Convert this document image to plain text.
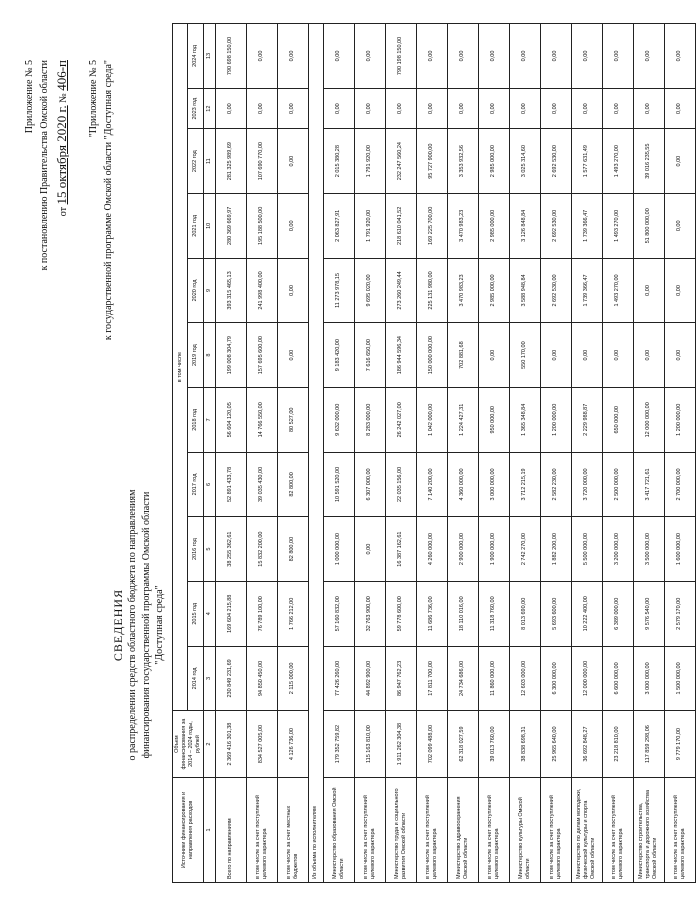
Приложение № 5 к постановлению Правительства Омской области от 15 октября 2020 г. № 406-п "Приложение № 5 к государственной программе Омской области "Доступная среда"
СВЕДЕНИЯ о распределении средств областного бюджета по направлениям финансирования государственной программы Омской области "Доступная среда"
Источники финансирования и направления расходов	Объем финансирования за 2014 – 2024 годы, рублей	в том числе										
		2014 год	2015 год	2016 год	2017 год	2018 год	2019 год	2020 год	2021 год	2022 год	2023 год	2024 год
1	2	3	4	5	6	7	8	9	10	11	12	13
Всего по направлениям	2 369 416 301,38	230 849 231,69	169 604 215,88	38 255 362,61	52 891 433,78	56 604 120,05	199 008 304,79	393 315 465,13	280 369 669,97	281 325 989,69	0,00	790 698 150,00
в том числе за счет поступлений целевого характера	834 527 005,00	94 850 450,00	76 789 100,00	15 832 200,00	39 035 430,00	14 766 550,00	157 695 600,00	241 998 400,00	195 188 500,00	107 690 770,00	0,00	0,00
в том числе за счет местных бюджетов	4 126 736,00	2 115 000,00	1 766 212,00	82 800,00	82 800,00	80 527,00	0,00	0,00	0,00	0,00	0,00	0,00
Из объема по исполнителям												
Министерство образования Омской области	179 352 759,82	77 426 260,00	57 160 832,00	1 000 000,00	10 591 520,00	9 632 000,00	9 183 420,00	11 273 978,15	2 063 827,91	2 015 380,28	0,00	0,00
в том числе за счет поступлений целевого характера	115 163 810,00	44 892 900,00	32 763 900,00	0,00	6 307 000,00	8 283 000,00	7 616 650,00	9 695 020,00	1 791 920,00	1 791 920,00	0,00	0,00
Министерство труда и социального развития Омской области	1 911 262 304,38	86 947 762,23	59 778 600,00	16 387 162,61	22 035 156,00	26 242 027,00	186 944 596,34	273 260 249,44	218 610 041,52	232 247 560,24	0,00	790 198 150,00
в том числе за счет поступлений целевого характера	702 099 488,00	17 811 700,00	11 686 736,00	4 260 000,00	7 140 200,00	1 042 000,00	150 000 000,00	225 131 980,00	169 225 700,00	95 727 900,00	0,00	0,00
Министерство здравоохранения Омской области	62 318 027,59	24 734 686,00	18 110 016,00	2 900 000,00	4 360 000,00	1 224 427,31	702 881,68	3 470 983,23	3 470 983,23	3 353 932,56	0,00	0,00
в том числе за счет поступлений целевого характера	39 013 760,00	11 860 000,00	11 318 760,00	1 900 000,00	3 000 000,00	950 000,00	0,00	2 985 000,00	2 985 000,00	2 985 000,00	0,00	0,00
Министерство культуры Омской области	38 838 698,31	12 603 000,00	8 013 690,00	2 742 270,00	3 712 215,19	1 365 348,84	550 170,00	3 588 948,84	3 126 848,84	3 025 314,60	0,00	0,00
в том числе за счет поступлений целевого характера	25 965 640,00	6 300 000,00	5 693 600,00	1 882 200,00	2 582 230,00	1 200 000,00	0,00	2 692 530,00	2 692 530,00	2 692 530,00	0,00	0,00
Министерство по делам молодежи, физической культуры и спорта Омской области	36 692 848,27	12 000 000,00	10 222 400,00	5 500 000,00	3 720 000,00	2 229 988,87	0,00	1 739 366,47	1 739 366,47	1 577 631,49	0,00	0,00
в том числе за счет поступлений целевого характера	23 218 810,00	6 600 000,00	6 389 000,00	3 200 000,00	2 500 000,00	650 000,00	0,00	1 493 270,00	1 493 270,00	1 493 270,00	0,00	0,00
Министерство строительства, транспорта и дорожного хозяйства Омской области	117 859 298,06	3 000 000,00	9 576 540,00	3 500 000,00	3 417 721,61	12 000 000,00	0,00	0,00	51 800 000,00	39 016 235,55	0,00	0,00
в том числе за счет поступлений целевого характера	9 779 170,00	1 500 000,00	2 579 170,00	1 600 000,00	2 700 000,00	1 200 000,00	0,00	0,00	0,00	0,00	0,00	0,00
